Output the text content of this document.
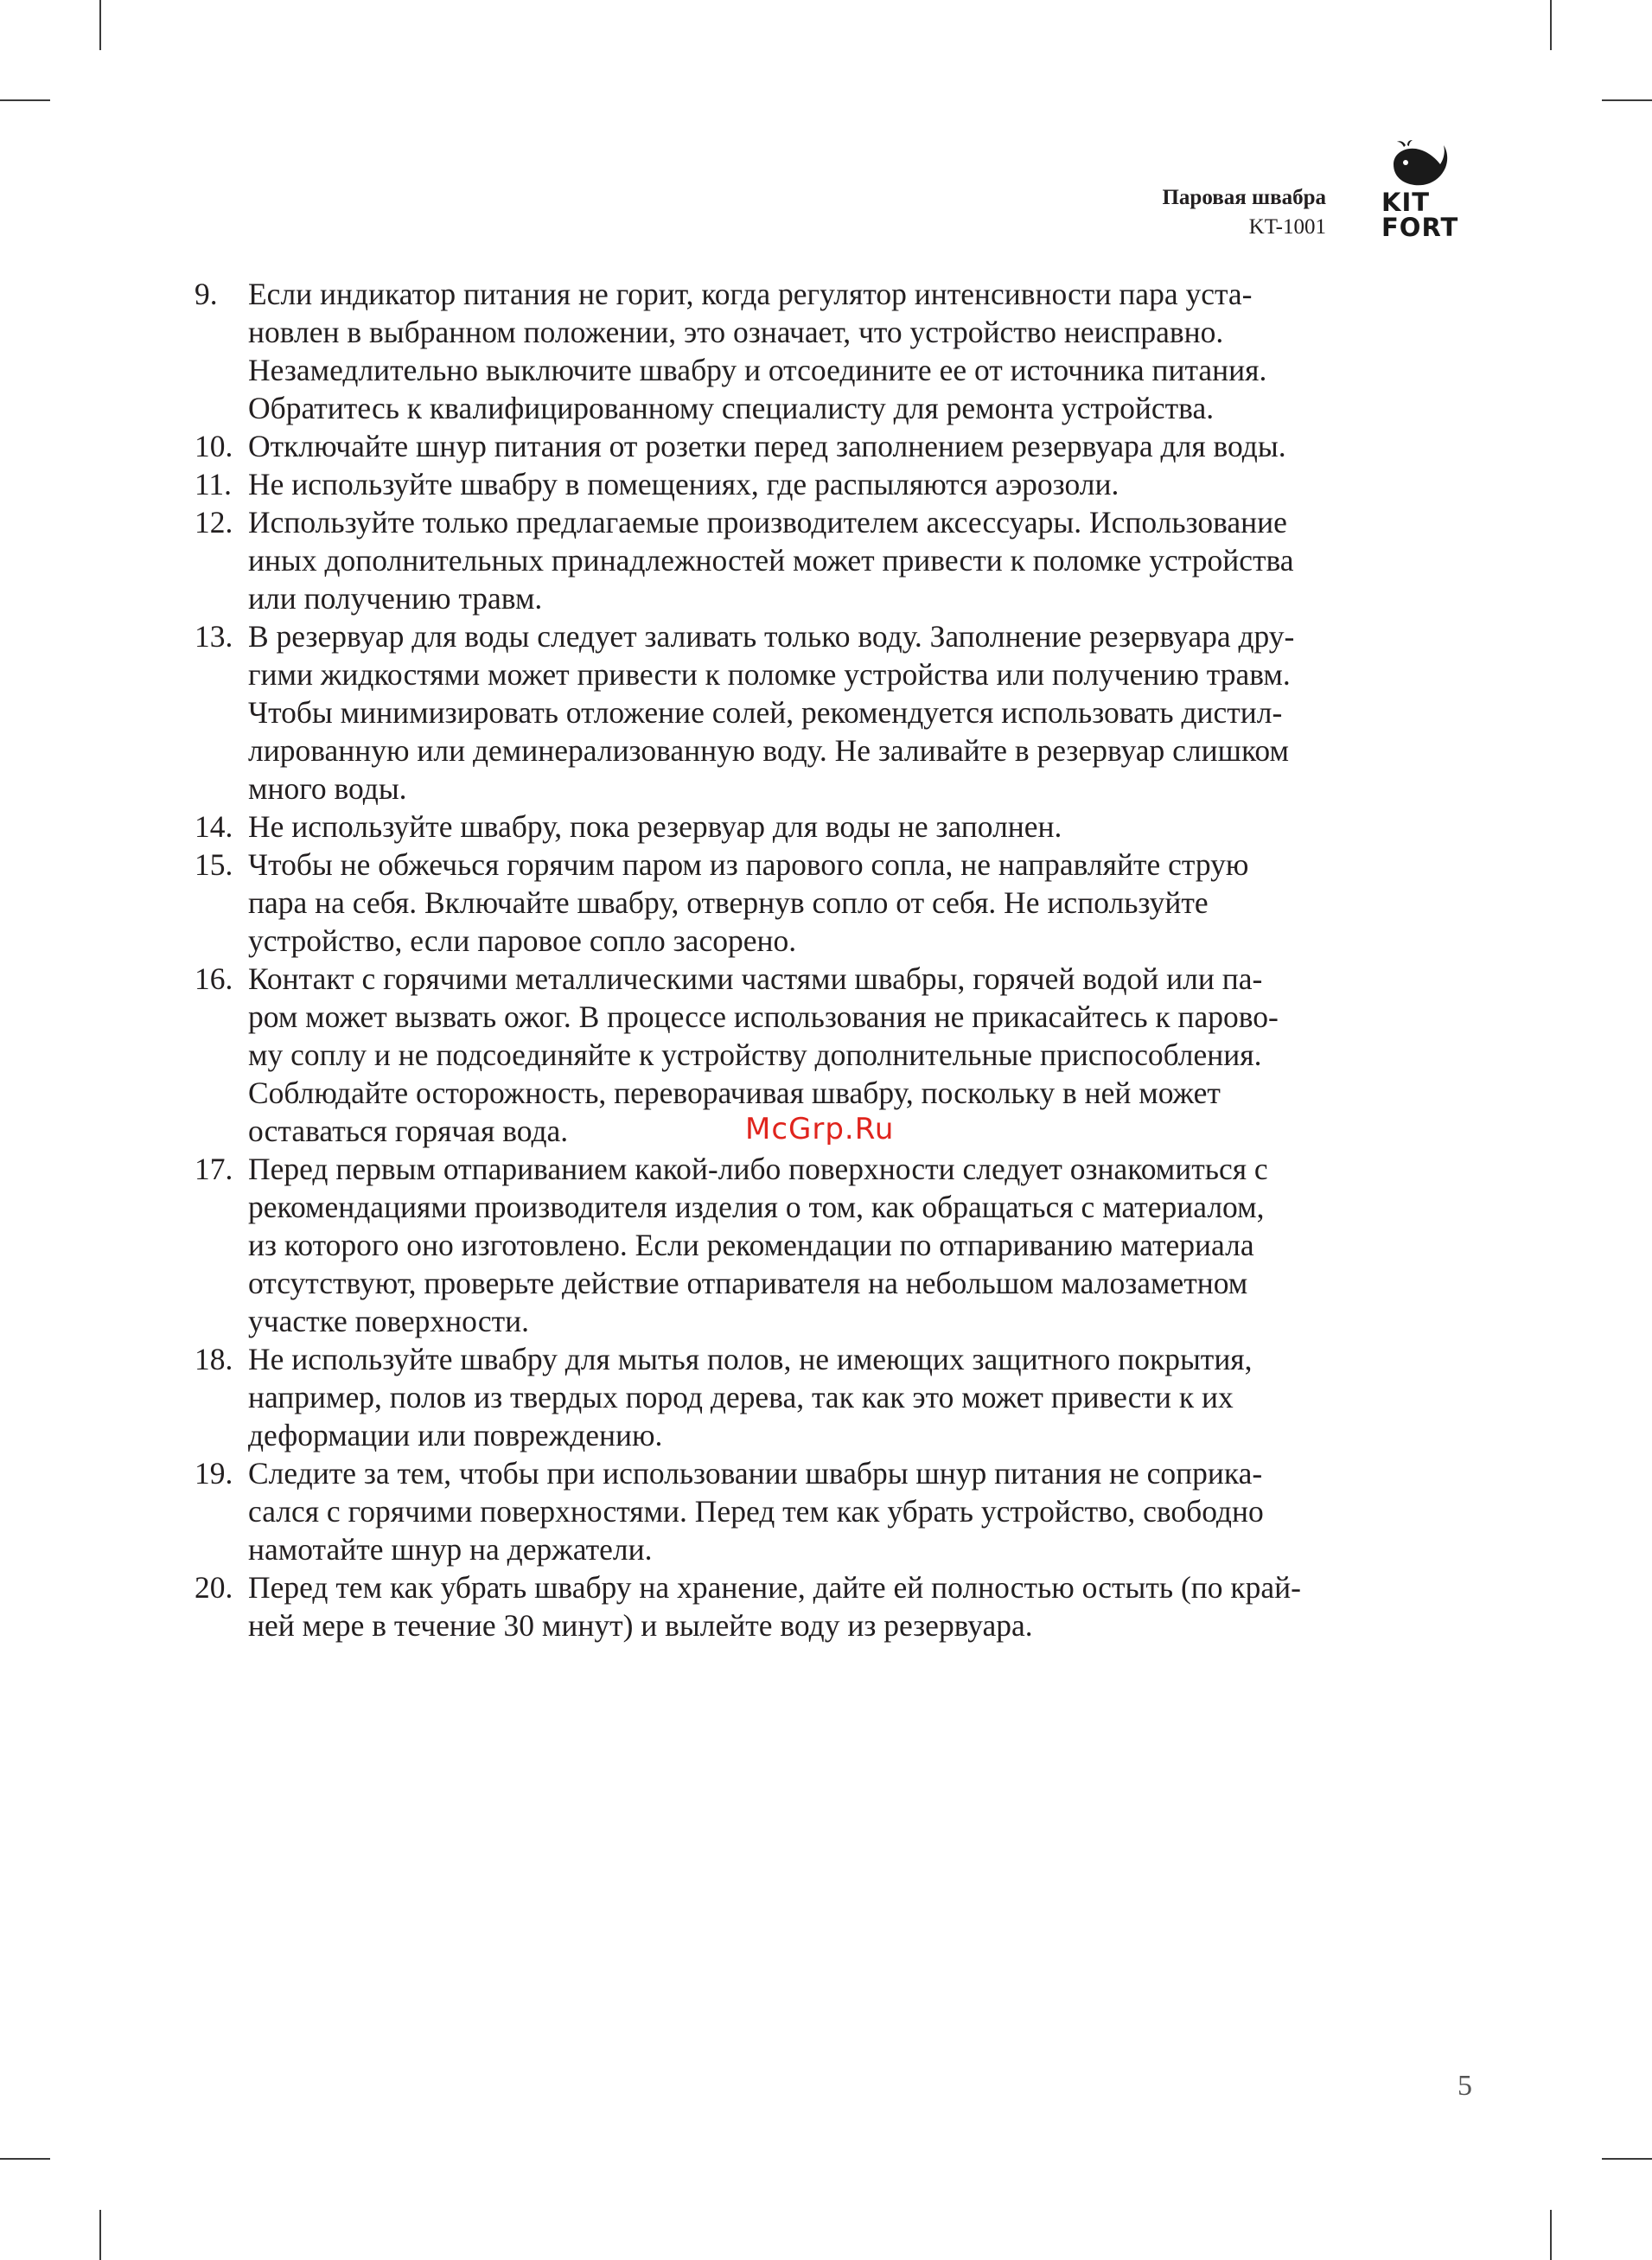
Паровая швабра
KT-1001
KIT
FORT
9. Если индикатор питания не горит, когда регулятор интенсивности пара уста-
новлен в выбранном положении, это означает, что устройство неисправно.
Незамедлительно выключите швабру и отсоедините ее от источника питания.
Обратитесь к квалифицированному специалисту для ремонта устройства.
10. Отключайте шнур питания от розетки перед заполнением резервуара для воды.
11. Не используйте швабру в помещениях, где распыляются аэрозоли.
12. Используйте только предлагаемые производителем аксессуары. Использование
иных дополнительных принадлежностей может привести к поломке устройства
или получению травм.
13. В резервуар для воды следует заливать только воду. Заполнение резервуара дру-
гими жидкостями может привести к поломке устройства или получению травм.
Чтобы минимизировать отложение солей, рекомендуется использовать дистил-
лированную или деминерализованную воду. Не заливайте в резервуар слишком
много воды.
14. Не используйте швабру, пока резервуар для воды не заполнен.
15. Чтобы не обжечься горячим паром из парового сопла, не направляйте струю
пара на себя. Включайте швабру, отвернув сопло от себя. Не используйте
устройство, если паровое сопло засорено.
16. Контакт с горячими металлическими частями швабры, горячей водой или па-
ром может вызвать ожог. В процессе использования не прикасайтесь к парово-
му соплу и не подсоединяйте к устройству дополнительные приспособления.
Соблюдайте осторожность, переворачивая швабру, поскольку в ней может
оставаться горячая вода.
17. Перед первым отпариванием какой-либо поверхности следует ознакомиться с
рекомендациями производителя изделия о том, как обращаться с материалом,
из которого оно изготовлено. Если рекомендации по отпариванию материала
отсутствуют, проверьте действие отпаривателя на небольшом малозаметном
участке поверхности.
18. Не используйте швабру для мытья полов, не имеющих защитного покрытия,
например, полов из твердых пород дерева, так как это может привести к их
деформации или повреждению.
19. Следите за тем, чтобы при использовании швабры шнур питания не соприка-
сался с горячими поверхностями. Перед тем как убрать устройство, свободно
намотайте шнур на держатели.
20. Перед тем как убрать швабру на хранение, дайте ей полностью остыть (по край-
ней мере в течение 30 минут) и вылейте воду из резервуара.
McGrp.Ru
5
